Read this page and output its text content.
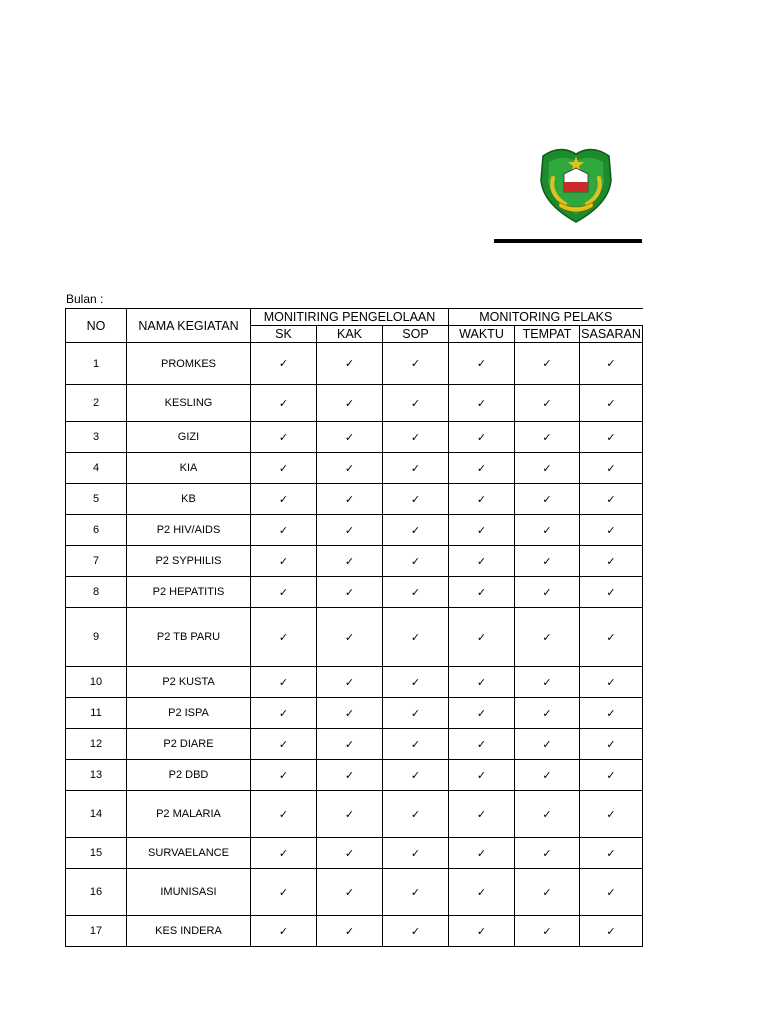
Bulan :
NO	NAMA KEGIATAN	MONITIRING PENGELOLAAN			MONITORING PELAKS		
		SK	KAK	SOP	WAKTU	TEMPAT	SASARAN
1	PROMKES	✓	✓	✓	✓	✓	✓
2	KESLING	✓	✓	✓	✓	✓	✓
3	GIZI	✓	✓	✓	✓	✓	✓
4	KIA	✓	✓	✓	✓	✓	✓
5	KB	✓	✓	✓	✓	✓	✓
6	P2 HIV/AIDS	✓	✓	✓	✓	✓	✓
7	P2 SYPHILIS	✓	✓	✓	✓	✓	✓
8	P2 HEPATITIS	✓	✓	✓	✓	✓	✓
9	P2 TB PARU	✓	✓	✓	✓	✓	✓
10	P2 KUSTA	✓	✓	✓	✓	✓	✓
11	P2 ISPA	✓	✓	✓	✓	✓	✓
12	P2 DIARE	✓	✓	✓	✓	✓	✓
13	P2 DBD	✓	✓	✓	✓	✓	✓
14	P2 MALARIA	✓	✓	✓	✓	✓	✓
15	SURVAELANCE	✓	✓	✓	✓	✓	✓
16	IMUNISASI	✓	✓	✓	✓	✓	✓
17	KES INDERA	✓	✓	✓	✓	✓	✓
